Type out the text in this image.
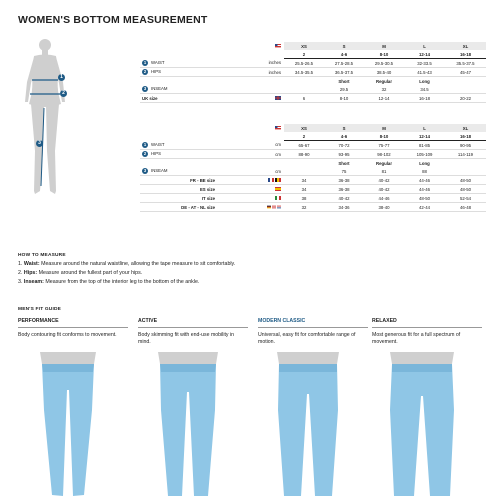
WOMEN'S BOTTOM MEASUREMENT
1
2
3
			XS	S	M	L	XL
			2	4-6	8-10	12-14	16-18
1 WAIST	inches		25.5-26.5	27.5-28.5	29.5-30.5	32-33.5	35.5-37.5
2 HIPS	inches		34.5-35.5	36.5-37.5	38.5-40	41.5-43	45-47
				Short	Regular	Long	
3 INSEAM				29.5	32	34.5	
UK size			6	8-10	12-14	16-18	20-22
			XS	S	M	L	XL
			2	4-6	8-10	12-14	16-18
1 WAIST	cm		65-67	70-72	75-77	81-85	90-95
2 HIPS	cm		88-90	93-95	98-102	105-109	114-119
				Short	Regular	Long	
3 INSEAM	cm			75	81	88	
FR - BE size			34	36-38	40-42	44-46	48-50
ES size			34	36-38	40-42	44-46	48-50
IT size			38	40-42	44-46	48-50	52-54
DE - AT - NL size			32	34-36	38-40	42-44	46-48
HOW TO MEASURE
1. Waist: Measure around the natural waistline, allowing the tape measure to sit comfortably.
2. Hips: Measure around the fullest part of your hips.
3. Inseam: Measure from the top of the interior leg to the bottom of the ankle.
MEN'S FIT GUIDE
PERFORMANCE
Body contouring fit conforms to movement.
ACTIVE
Body skimming fit with end-use mobility in mind.
MODERN CLASSIC
Universal, easy fit for comfortable range of motion.
RELAXED
Most generous fit for a full spectrum of movement.
